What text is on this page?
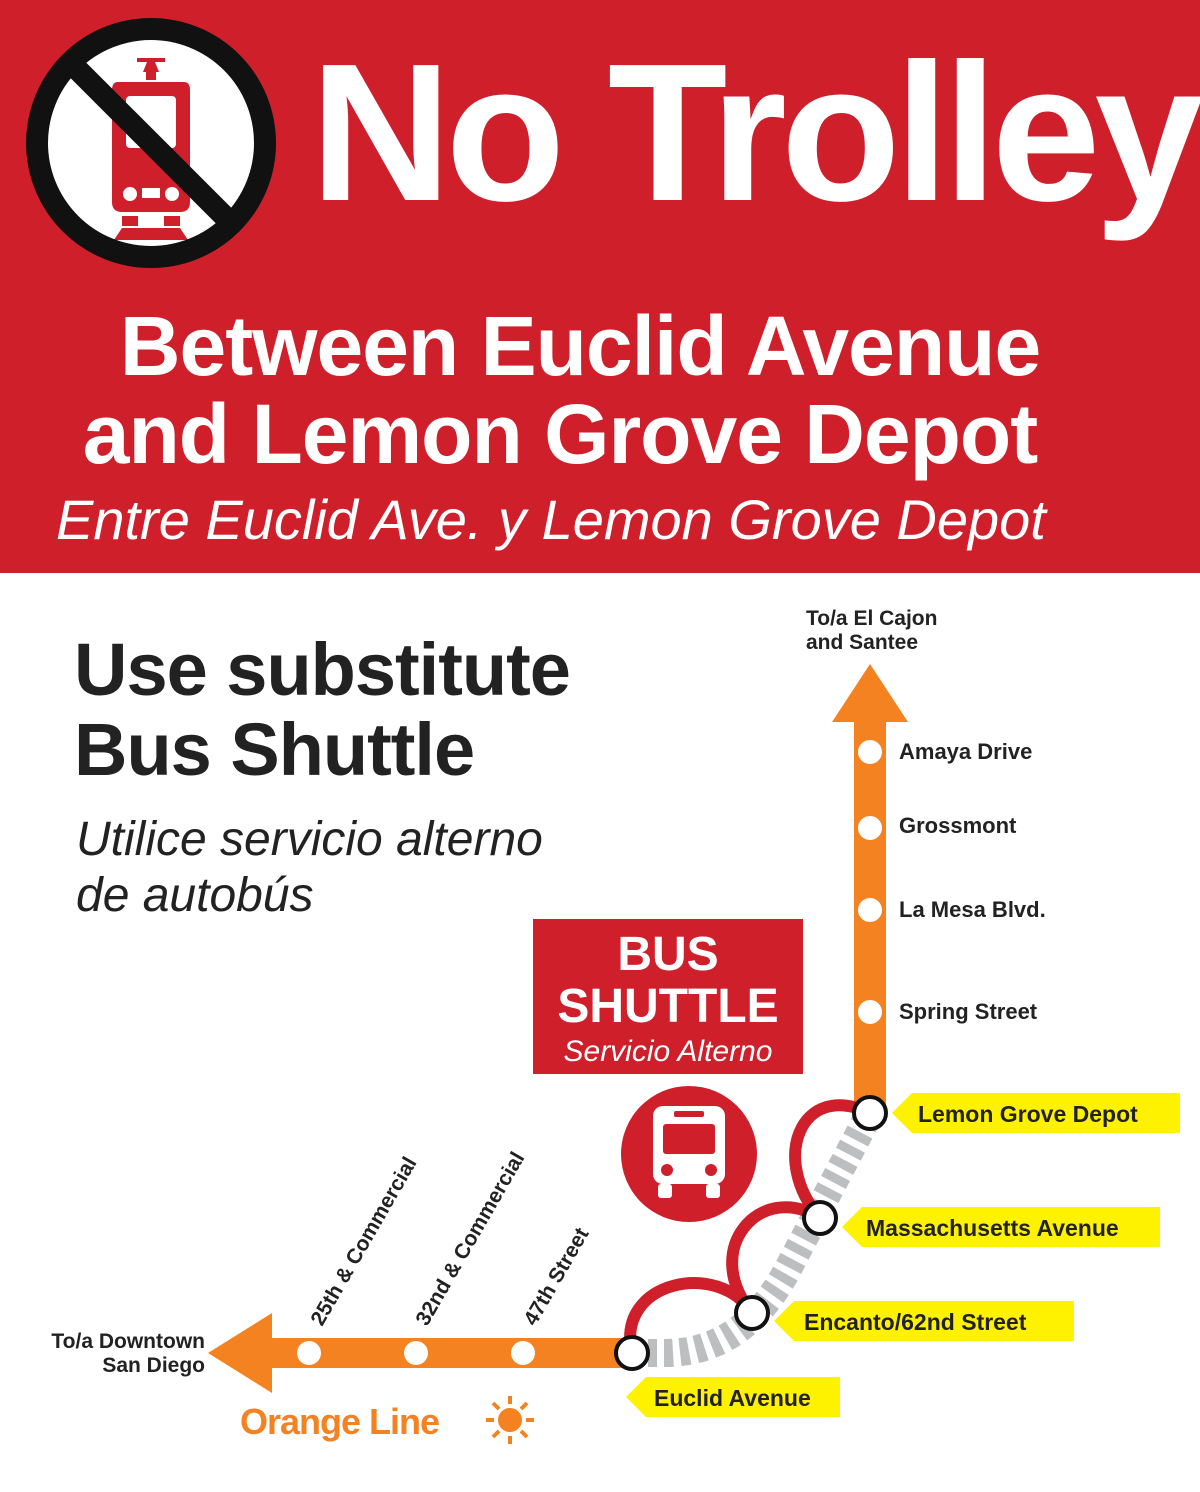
No Trolley

Between Euclid Avenue

and Lemon Grove Depot

Entre Euclid Ave. y Lemon Grove Depot

Use substitute
Bus Shuttle
Utilice servicio alterno
de autobús
BUS
SHUTTLE
Servicio Alterno
Amaya Drive
Grossmont
La Mesa Blvd.
Spring Street
25th & Commercial
32nd & Commercial
47th Street
Lemon Grove Depot
Massachusetts Avenue
Encanto/62nd Street
Euclid Avenue
To/a El Cajon
and Santee
To/a Downtown
San Diego
Orange Line
